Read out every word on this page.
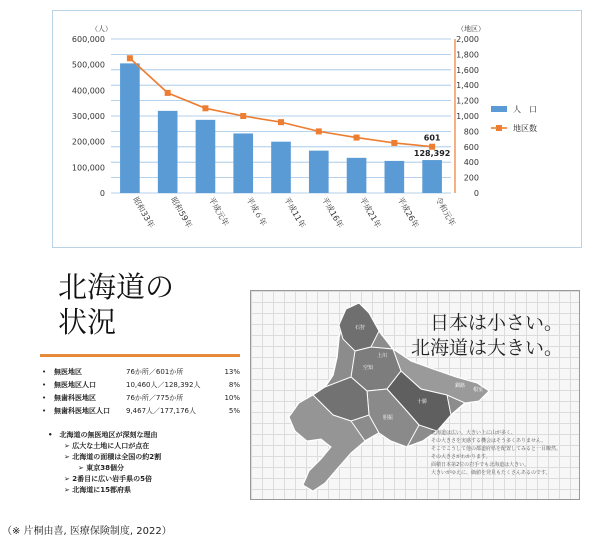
0
200
400
600
800
1,000
1,200
1,400
1,600
1,800
2,000
0
100,000
200,000
300,000
400,000
500,000
600,000
（人）	（地区）
昭和33年 昭和59年 平成元年 平成６年 平成11年 平成16年 平成21年 平成26年 令和元年
601
128,392
人　口
地区数
北海道の
状況
• 無医地区	76か所／601か所	13%
• 無医地区人口	10,460人／128,392人	8%
• 無歯科医地区	76か所／775か所	10%
• 無歯科医地区人口 9,467人／177,176人	5%
•　北海道の無医地区が深刻な理由
➢ 広大な土地に人口が点在
➢ 北海道の面積は全国の約2割
➢ 東京38個分
➢ 2番目に広い岩手県の5倍
➢ 北海道に15都府県
石狩
空知
上川
十勝
釧路
根室
胆振
日本は小さい。
北海道は大きい。
北海道は広い。大きい上に山が多く、
その大きさを実感する機会はそう多くありません。
そこでこうして他の都道府県を配置してみると一目瞭然。
その大きさがわかります。
面積日本第2位の岩手でも北海道は大きい。
大きいがゆえに、価値を発見もたくさんあるのです。
（※ 片桐由喜, 医療保険制度, 2022）
